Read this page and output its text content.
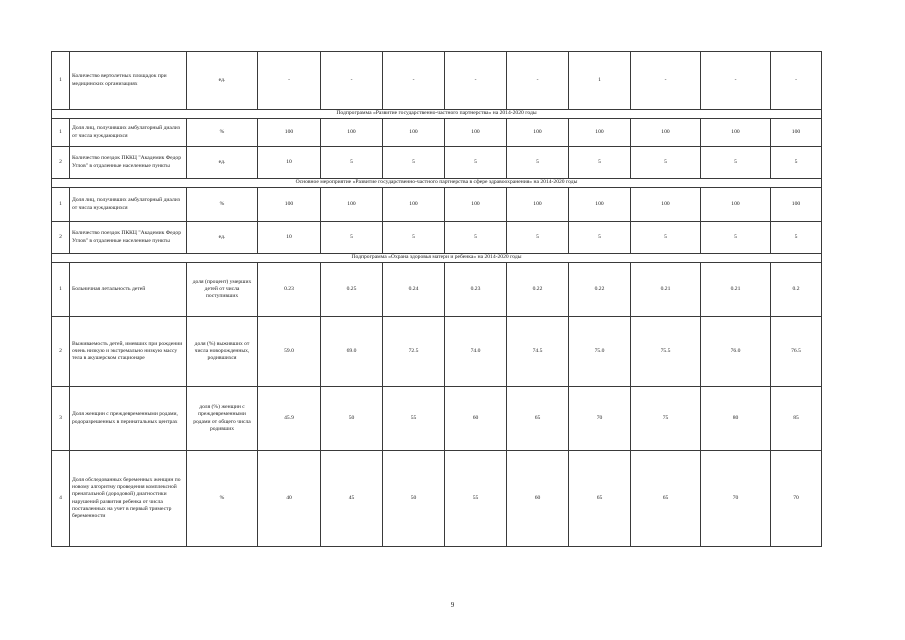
1	Количество вертолетных площадок при медицинских организациях	ед.	-	-	-	-	-	1	-	-	-
Подпрограмма «Развитие государственно-частного партнерства» на 2014-2020 годы											
1	Доля лиц, получивших амбулаторный диализ от числа нуждающихся	%	100	100	100	100	100	100	100	100	100
2	Количество поездок ПККЦ "Академик Федор Углов" в отдаленные населенные пункты	ед.	10	5	5	5	5	5	5	5	5
Основное мероприятие «Развитие государственно-частного партнерства в сфере здравоохранения» на 2014-2020 годы											
1	Доля лиц, получивших амбулаторный диализ от числа нуждающихся	%	100	100	100	100	100	100	100	100	100
2	Количество поездок ПККЦ "Академик Федор Углов" в отдаленные населенные пункты	ед.	10	5	5	5	5	5	5	5	5
Подпрограмма «Охрана здоровья матери и ребенка» на 2014-2020 годы											
1	Больничная летальность детей	доля (процент) умерших детей от числа поступивших	0.23	0.25	0.24	0.23	0.22	0.22	0.21	0.21	0.2
2	Выживаемость детей, имевших при рождении очень низкую и экстремально низкую массу тела в акушерском стационаре	доля (%) выживших от числа новорожденных, родившихся	59.0	69.0	72.5	74.0	74.5	75.0	75.5	76.0	76.5
3	Доля женщин с преждевременными родами, родоразрешенных в перинатальных центрах	доля (%) женщин с преждевременными родами от общего числа родивших	45.9	50	55	60	65	70	75	80	85
4	Доля обследованных беременных женщин по новому алгоритму проведения комплексной пренатальной (дородовой) диагностики нарушений развития ребенка от числа поставленных на учет в первый триместр беременности	%	40	45	50	55	60	65	65	70	70
9
